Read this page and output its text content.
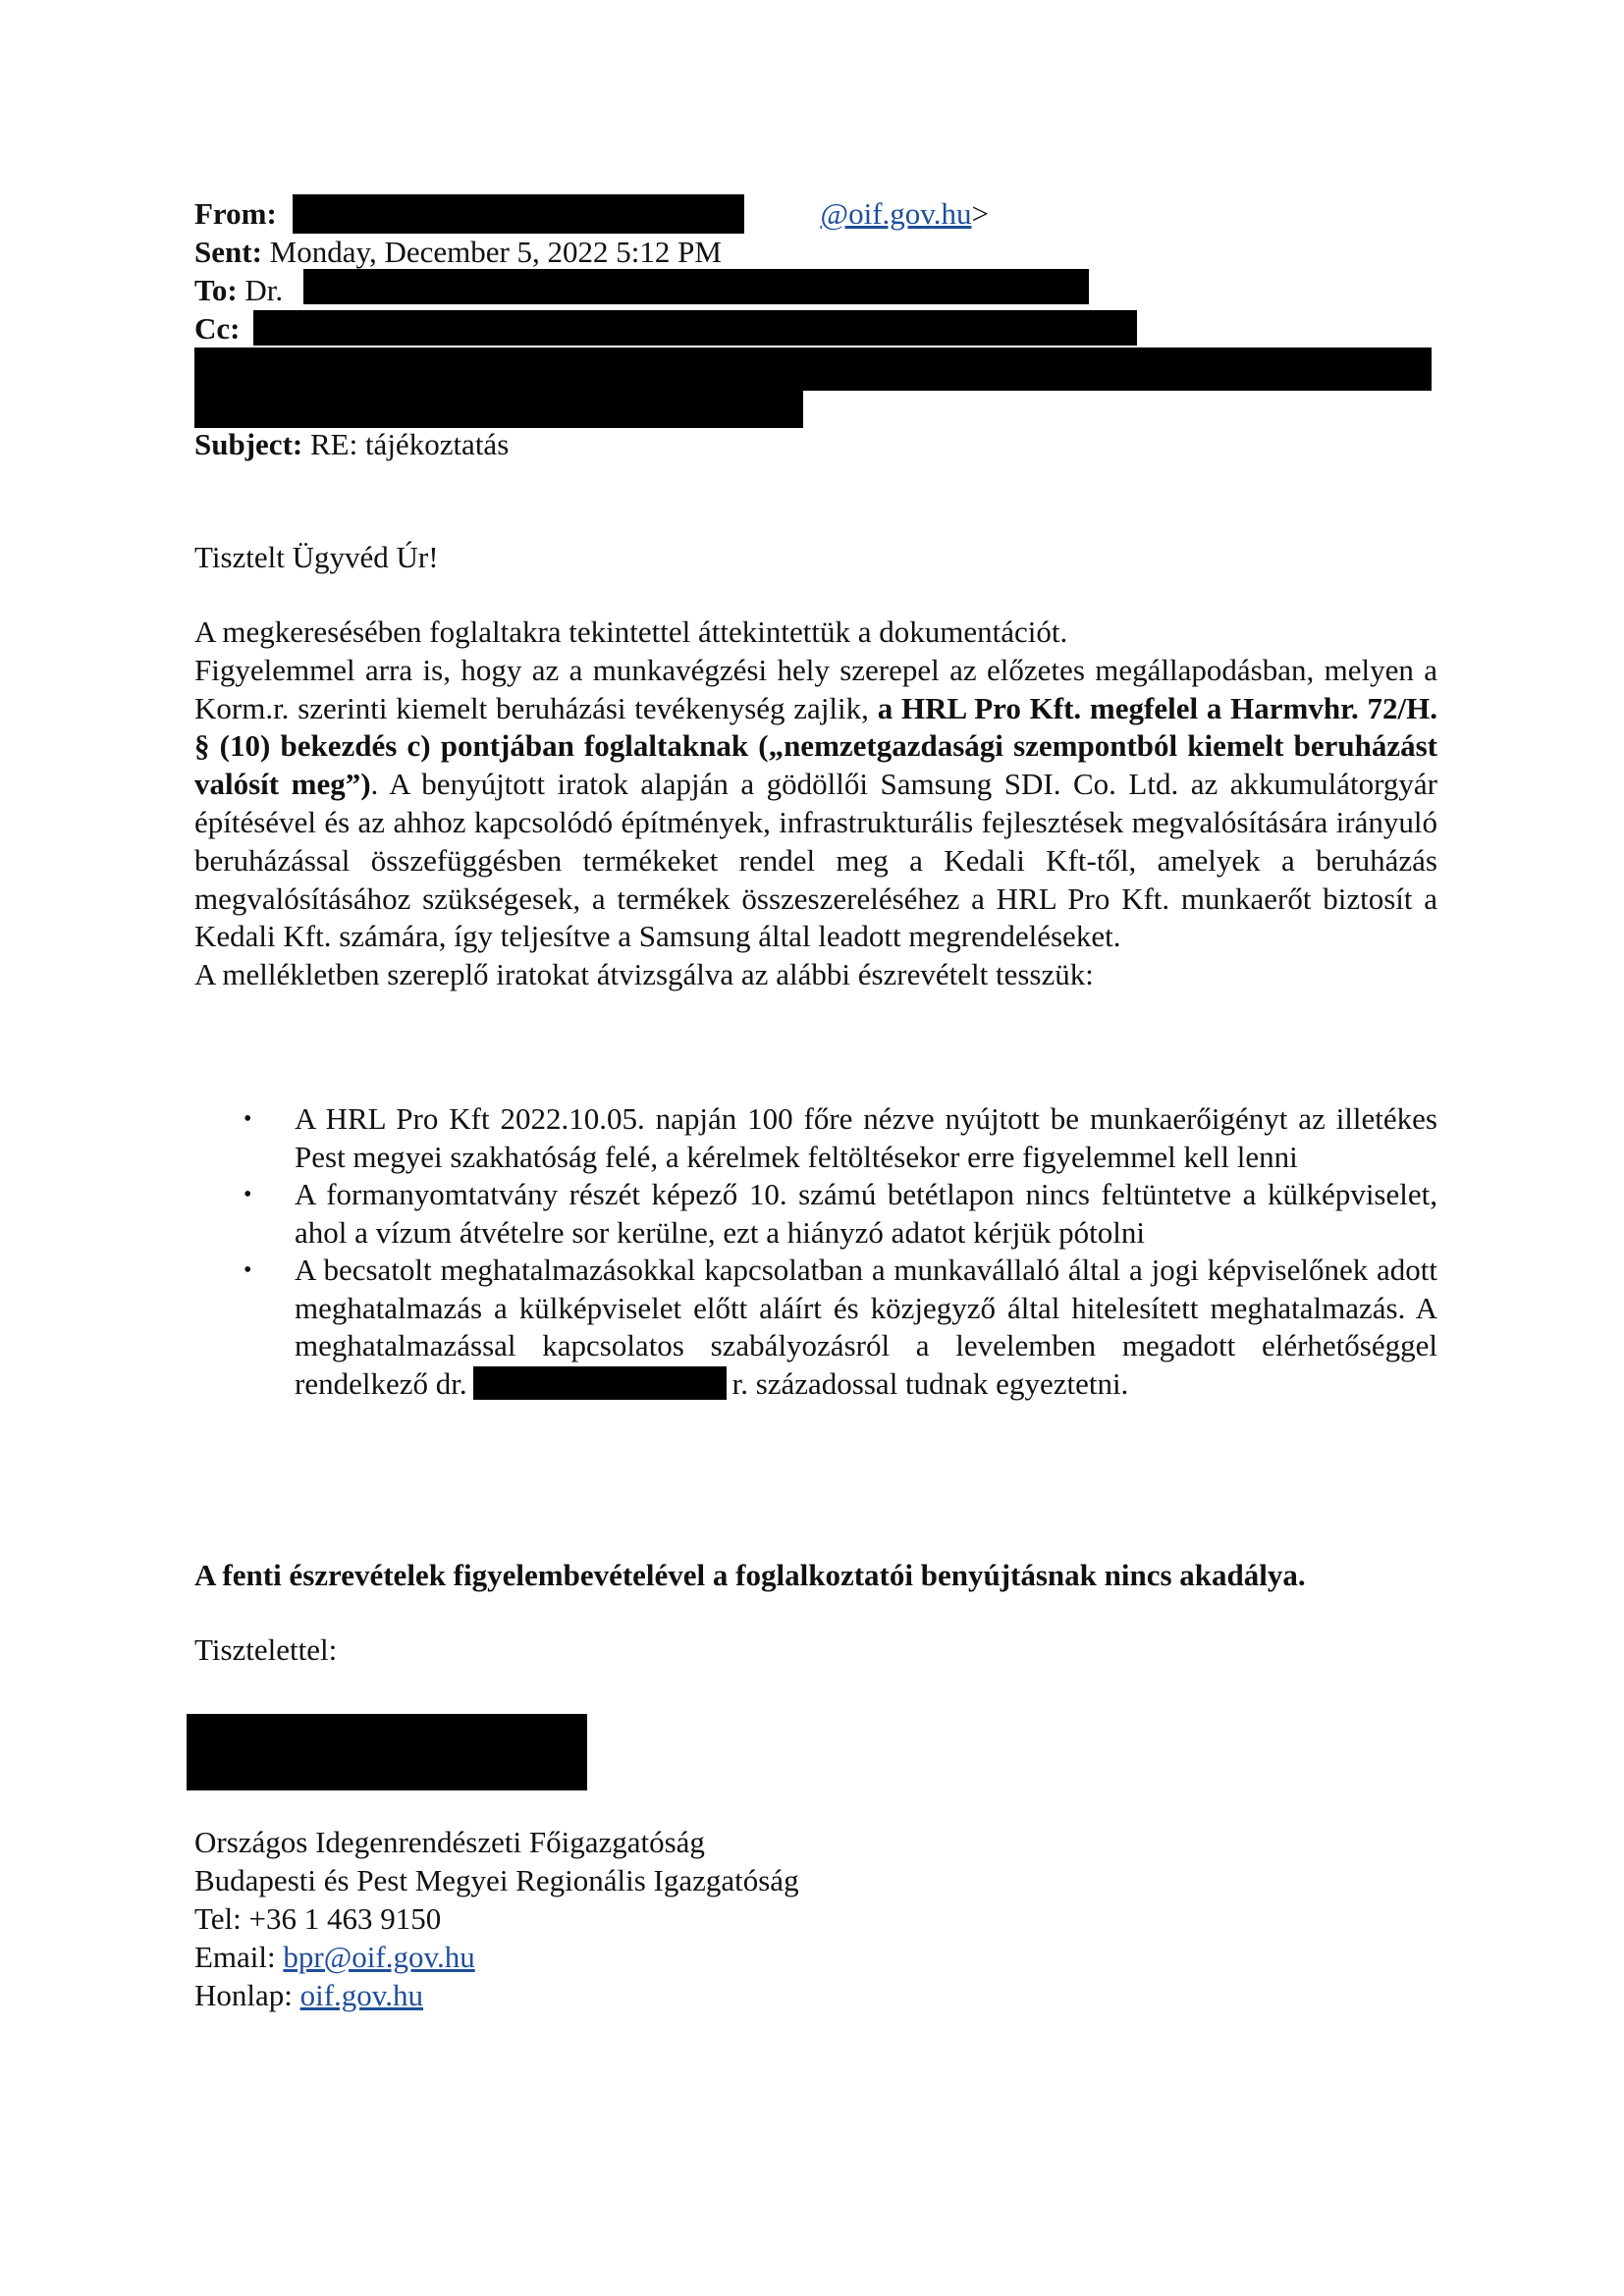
From:	@oif.gov.hu>
Sent: Monday, December 5, 2022 5:12 PM
To: Dr.
Cc:
Subject: RE: tájékoztatás
Tisztelt Ügyvéd Úr!

A megkeresésében foglaltakra tekintettel áttekintettük a dokumentációt.

Figyelemmel arra is, hogy az a munkavégzési hely szerepel az előzetes megállapodásban, melyen a Korm.r. szerinti kiemelt beruházási tevékenység zajlik, a HRL Pro Kft. megfelel a Harmvhr. 72/H. § (10) bekezdés c) pontjában foglaltaknak („nemzetgazdasági szempontból kiemelt beruházást valósít meg”). A benyújtott iratok alapján a gödöllői Samsung SDI. Co. Ltd. az akkumulátorgyár építésével és az ahhoz kapcsolódó építmények, infrastrukturális fejlesztések megvalósítására irányuló beruházással összefüggésben termékeket rendel meg a Kedali Kft-től, amelyek a beruházás megvalósításához szükségesek, a termékek összeszereléséhez a HRL Pro Kft. munkaerőt biztosít a Kedali Kft. számára, így teljesítve a Samsung által leadott megrendeléseket.

A mellékletben szereplő iratokat átvizsgálva az alábbi észrevételt tesszük:

• A HRL Pro Kft 2022.10.05. napján 100 főre nézve nyújtott be munkaerőigényt az illetékes Pest megyei szakhatóság felé, a kérelmek feltöltésekor erre figyelemmel kell lenni
• A formanyomtatvány részét képező 10. számú betétlapon nincs feltüntetve a külképviselet, ahol a vízum átvételre sor kerülne, ezt a hiányzó adatot kérjük pótolni
• A becsatolt meghatalmazásokkal kapcsolatban a munkavállaló által a jogi képviselőnek adott meghatalmazás a külképviselet előtt aláírt és közjegyző által hitelesített meghatalmazás. A meghatalmazással kapcsolatos szabályozásról a levelemben megadott elérhetőséggel rendelkező dr.	r. századossal tudnak egyeztetni.
A fenti észrevételek figyelembevételével a foglalkoztatói benyújtásnak nincs akadálya.
Tisztelettel:
Országos Idegenrendészeti Főigazgatóság
Budapesti és Pest Megyei Regionális Igazgatóság
Tel: +36 1 463 9150
Email: bpr@oif.gov.hu
Honlap: oif.gov.hu
